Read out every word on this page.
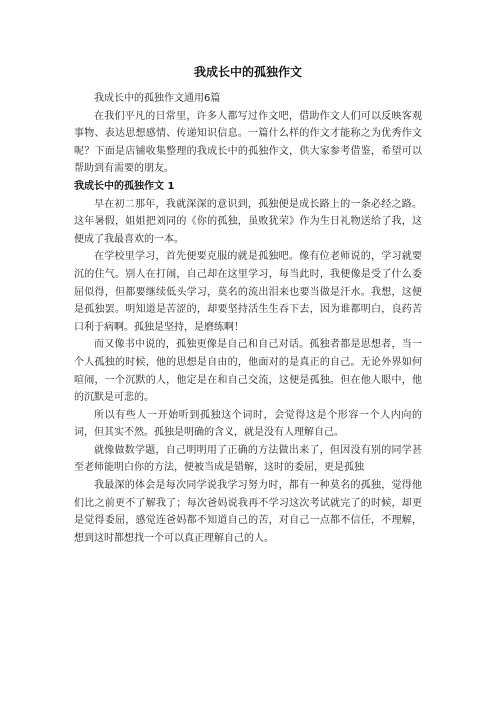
我成长中的孤独作文

我成长中的孤独作文通用6篇

在我们平凡的日常里，许多人都写过作文吧，借助作文人们可以反映客观事物、表达思想感情、传递知识信息。一篇什么样的作文才能称之为优秀作文呢？下面是店铺收集整理的我成长中的孤独作文，供大家参考借鉴，希望可以帮助到有需要的朋友。

我成长中的孤独作文 1

早在初二那年，我就深深的意识到，孤独便是成长路上的一条必经之路。这年暑假，姐姐把刘同的《你的孤独，虽败犹荣》作为生日礼物送给了我，这便成了我最喜欢的一本。

在学校里学习，首先便要克服的就是孤独吧。像有位老师说的，学习就要沉的住气。别人在打闹，自己却在这里学习，每当此时，我便像是受了什么委屈似得，但都要继续低头学习，莫名的流出泪来也要当做是汗水。我想，这便是孤独罢。明知道是苦涩的，却要坚持活生生吞下去，因为谁都明白，良药苦口利于病啊。孤独是坚持，是磨练啊！

而又像书中说的，孤独更像是自己和自己对话。孤独者都是思想者，当一个人孤独的时候，他的思想是自由的，他面对的是真正的自己。无论外界如何喧闹，一个沉默的人，他定是在和自己交流，这便是孤独。但在他人眼中，他的沉默是可悲的。

所以有些人一开始听到孤独这个词时，会觉得这是个形容一个人内向的词，但其实不然。孤独是明确的含义，就是没有人理解自己。

就像做数学题，自己明明用了正确的方法做出来了，但因没有别的同学甚至老师能明白你的方法，便被当成是错解，这时的委屈，更是孤独

我最深的体会是每次同学说我学习努力时，都有一种莫名的孤独，觉得他们比之前更不了解我了；每次爸妈说我再不学习这次考试就完了的时候，却更是觉得委屈，感觉连爸妈都不知道自己的苦，对自己一点都不信任，不理解，想到这时都想找一个可以真正理解自己的人。
